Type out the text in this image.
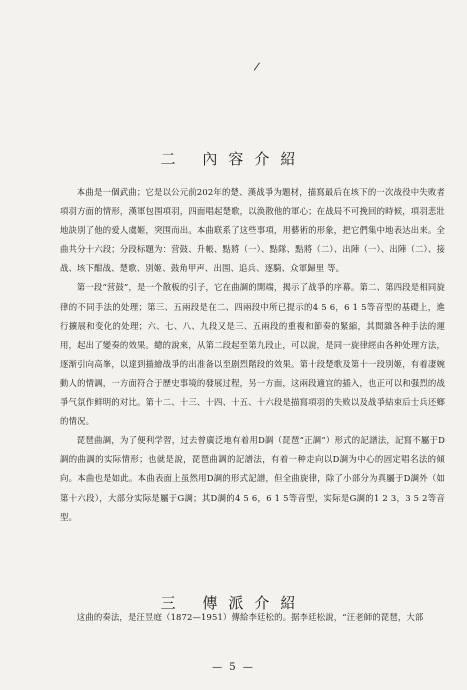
/
二 內容介紹

本曲是一個武曲；它是以公元前202年的楚、漢战爭为題材，描寫最后在垓下的一次战役中失败者項羽方面的情形，漢軍包围項羽，四面唱起楚歌，以涣散他的軍心；在战局不可挽回的時候，項羽悲壯地訣別了他的爱人虞姬，突围而出。本曲联系了这些事項，用藝術的形象，把它們集中地表达出来。全曲共分十六段；分段标題为：营鼓、升帳、點將（一）、點隊、點將（二）、出陣（一）、出陣（二）、接战、垓下酣战、楚歌、別姬、鼓角甲声、出围、追兵、逐騎、众軍歸里 等。

第一段“营鼓”，是一个散板的引子，它在曲調的開端，揭示了战爭的序幕。第二、第四段是相同旋律的不同手法的处理；第三、五兩段是在二、四兩段中所已提示的4 5 6，6 1 5等音型的基礎上，進行擴展和变化的处理；六、七、八、九段又是三、五兩段的重複和節奏的緊縮，其間雜各种手法的運用，起出了變奏的效果。總的說來，从第二段起至第九段止，可以說，是同一旋律經由各种处理方法，逐渐引向高峯，以達到描繪战爭的出准备以至剧烈階段的效果。第十段楚歌及第十一段別姬，有着凄婉動人的情調，一方面符合于歷史事境的發展过程，另一方面，这兩段適宜的插入，也正可以和强烈的战爭气氛作鲜明的对比。第十二、十三、十四、十五、十六段是描寫項羽的失败以及战爭結束后士兵还鄉的情况。

琵琶曲調，为了便利学習，过去曾廣泛地有着用D調（琵琶“正調”）形式的記譜法，記寫不屬于D調的曲調的实际情形；也就是說，琵琶曲調的記譜法，有着一种走向以D調为中心的固定唱名法的傾向。本曲也是如此。本曲表面上虽然用D調的形式記譜，但全曲旋律，除了小部分为真屬于D調外（如第十六段），大部分实际是屬于G調；其D調的4 5 6，6 1 5等音型，实际是G調的1 2 3，3 5 2等音型。

三 傳派介紹

这曲的奏法，是汪昱庭（1872—1951）傳給李廷松的。据李廷松說，“汪老師的琵琶，大部

— 5 —
